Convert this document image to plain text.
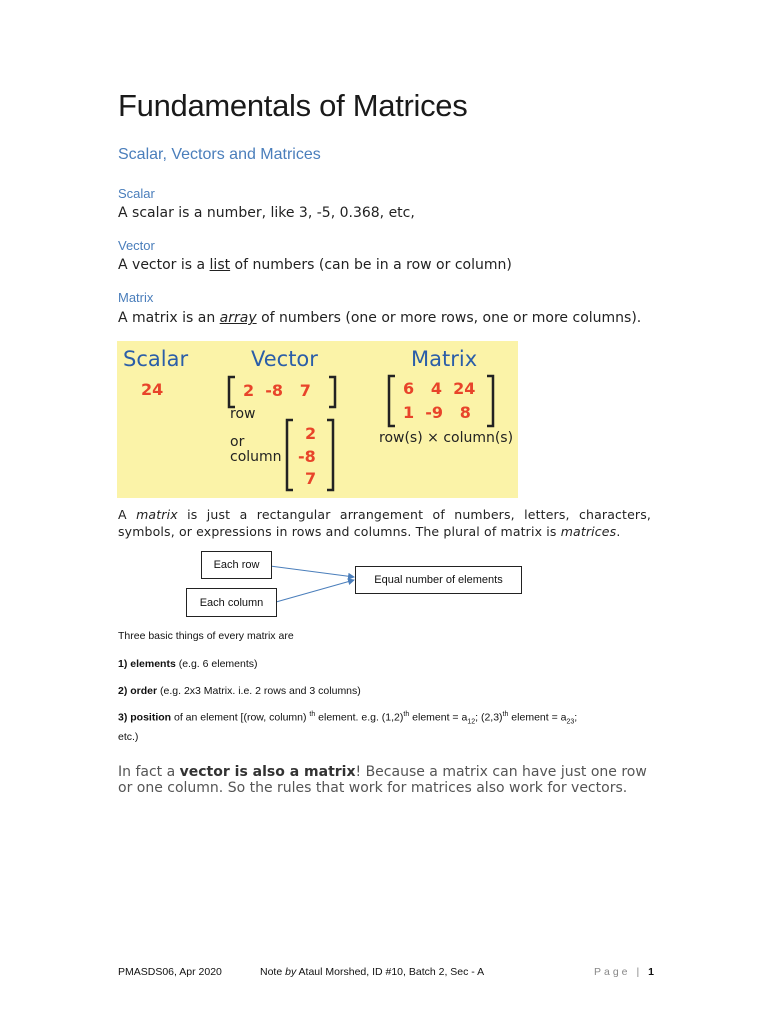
Fundamentals of Matrices
Scalar, Vectors and Matrices
Scalar
A scalar is a number, like 3, -5, 0.368, etc,
Vector
A vector is a list of numbers (can be in a row or column)
Matrix
A matrix is an array of numbers (one or more rows, one or more columns).
Scalar
24
Vector
2  -8   7
row
or
column
2
-8
7
Matrix
6   4  24
1  -9   8
row(s) × column(s)
A matrix is just a rectangular arrangement of numbers, letters, characters, symbols, or expressions in rows and columns. The plural of matrix is matrices.
Each row
Each column
Equal number of elements
Three basic things of every matrix are
1) elements (e.g. 6 elements)
2) order (e.g. 2x3 Matrix. i.e. 2 rows and 3 columns)
3) position of an element [(row, column) $^{th}$ element. e.g. $(1,2)^{th}$ element = $a_{12}$; $(2,3)^{th}$ element = $a_{23}$;
etc.)
In fact a vector is also a matrix! Because a matrix can have just one row or one column. So the rules that work for matrices also work for vectors.
PMASDS06, Apr 2020	Note by Ataul Morshed, ID #10, Batch 2, Sec - A	Page | 1
